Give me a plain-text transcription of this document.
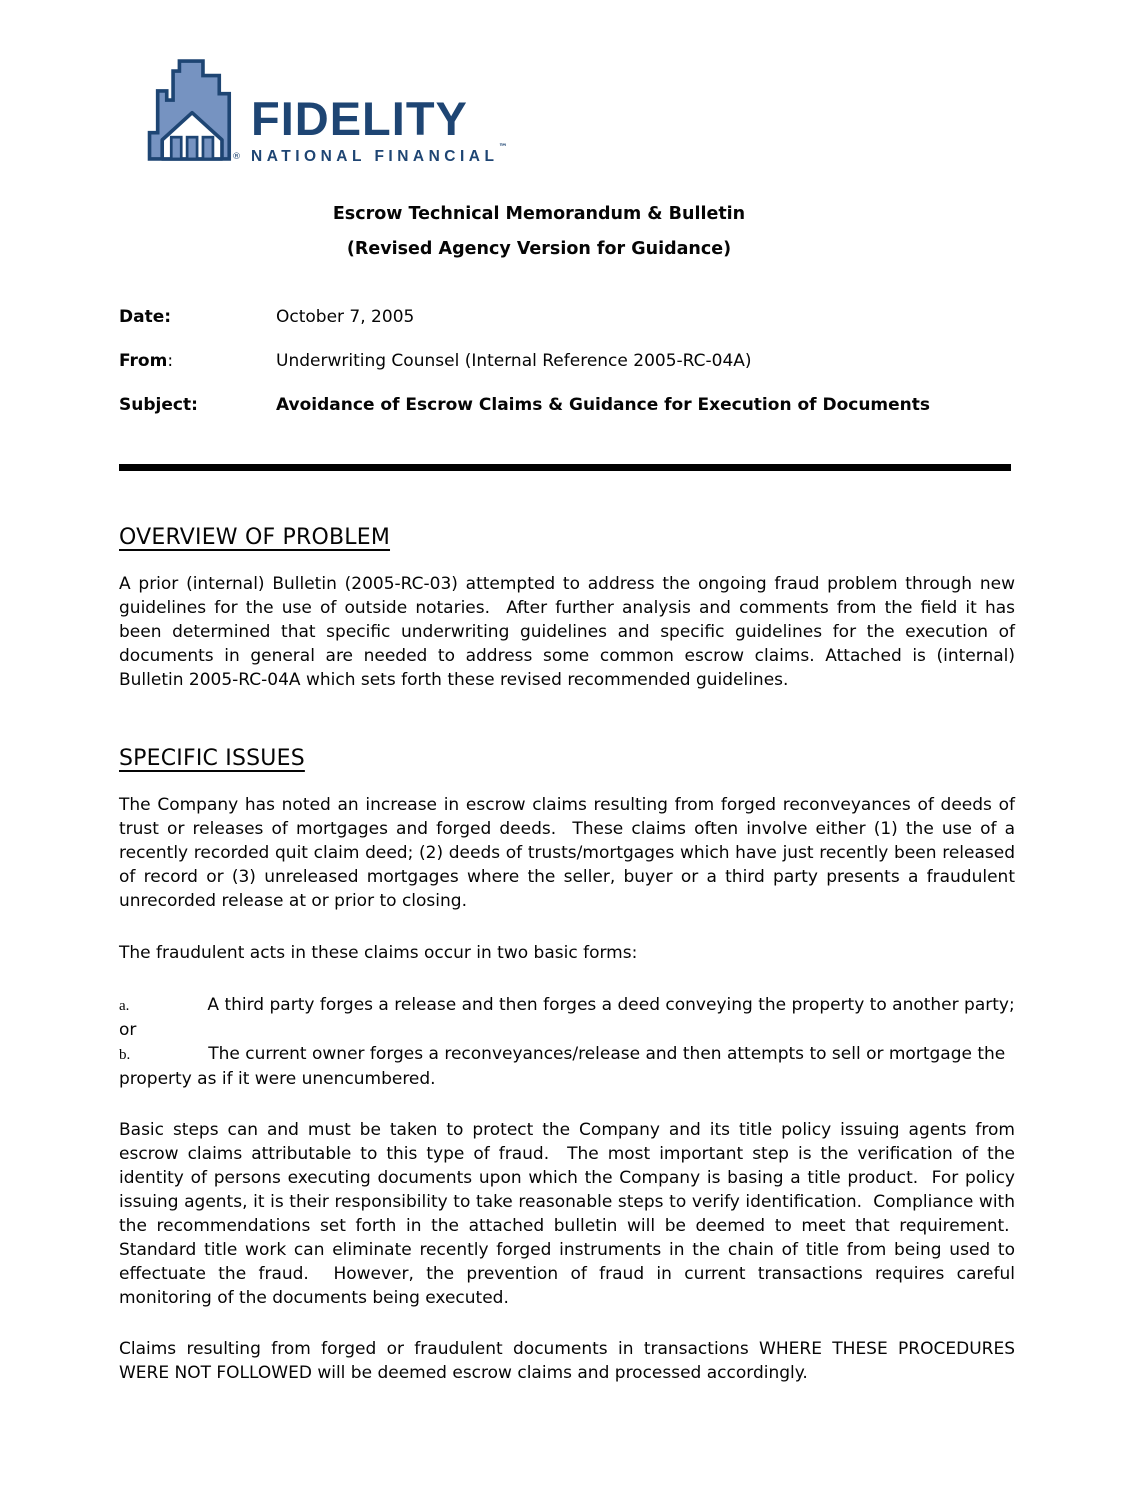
®
FIDELITY
NATIONAL FINANCIAL™
Escrow Technical Memorandum & Bulletin
(Revised Agency Version for Guidance)
Date:	October 7, 2005
From:	Underwriting Counsel (Internal Reference 2005-RC-04A)
Subject:	Avoidance of Escrow Claims & Guidance for Execution of Documents
OVERVIEW OF PROBLEM

A prior (internal) Bulletin (2005-RC-03) attempted to address the ongoing fraud problem through new guidelines for the use of outside notaries.  After further analysis and comments from the field it has been determined that specific underwriting guidelines and specific guidelines for the execution of documents in general are needed to address some common escrow claims. Attached is (internal) Bulletin 2005-RC-04A which sets forth these revised recommended guidelines.

SPECIFIC ISSUES

The Company has noted an increase in escrow claims resulting from forged reconveyances of deeds of trust or releases of mortgages and forged deeds.  These claims often involve either (1) the use of a recently recorded quit claim deed; (2) deeds of trusts/mortgages which have just recently been released of record or (3) unreleased mortgages where the seller, buyer or a third party presents a fraudulent unrecorded release at or prior to closing.

The fraudulent acts in these claims occur in two basic forms:

a.	A third party forges a release and then forges a deed conveying the property to another party; or

b.	The current owner forges a reconveyances/release and then attempts to sell or mortgage the property as if it were unencumbered.

Basic steps can and must be taken to protect the Company and its title policy issuing agents from escrow claims attributable to this type of fraud.  The most important step is the verification of the identity of persons executing documents upon which the Company is basing a title product.  For policy issuing agents, it is their responsibility to take reasonable steps to verify identification.  Compliance with the recommendations set forth in the attached bulletin will be deemed to meet that requirement.  Standard title work can eliminate recently forged instruments in the chain of title from being used to effectuate the fraud.  However, the prevention of fraud in current transactions requires careful monitoring of the documents being executed.

Claims resulting from forged or fraudulent documents in transactions WHERE THESE PROCEDURES WERE NOT FOLLOWED will be deemed escrow claims and processed accordingly.
